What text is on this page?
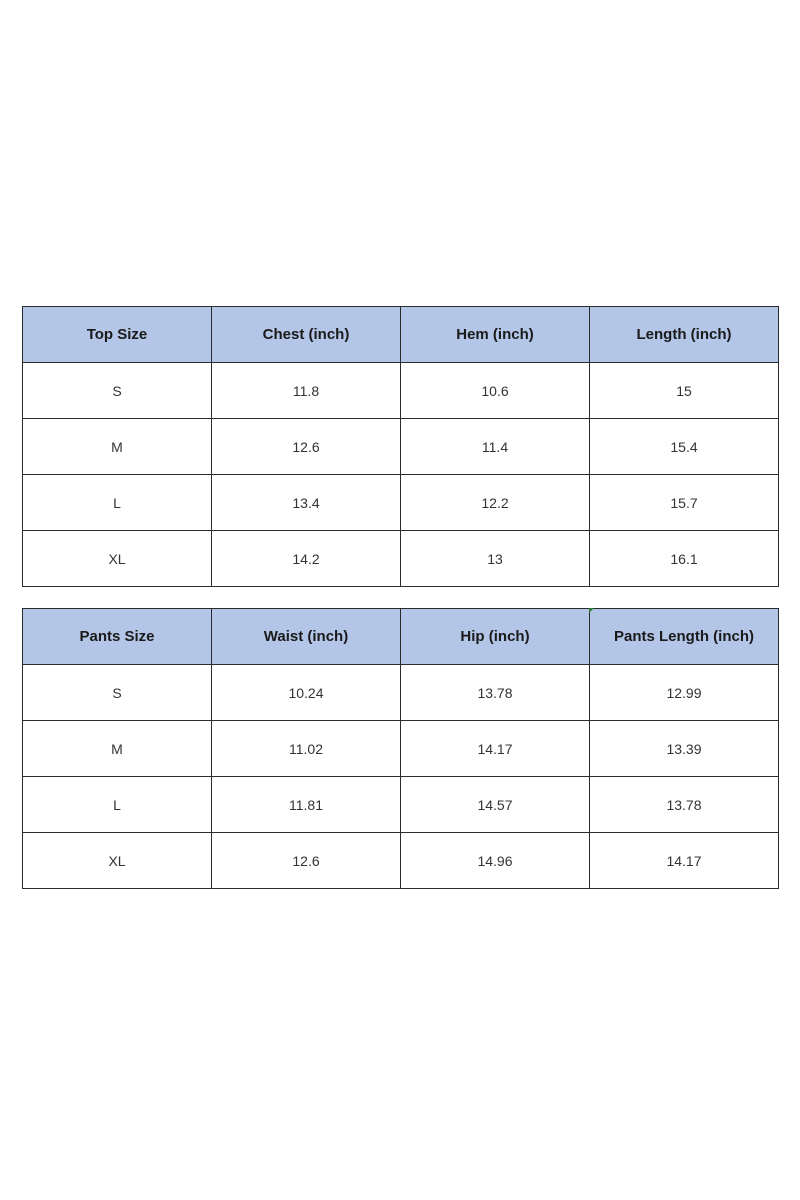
Top Size	Chest (inch)	Hem (inch)	Length (inch)
S	11.8	10.6	15
M	12.6	11.4	15.4
L	13.4	12.2	15.7
XL	14.2	13	16.1
Pants Size	Waist (inch)	Hip (inch)	Pants Length (inch)
S	10.24	13.78	12.99
M	11.02	14.17	13.39
L	11.81	14.57	13.78
XL	12.6	14.96	14.17
